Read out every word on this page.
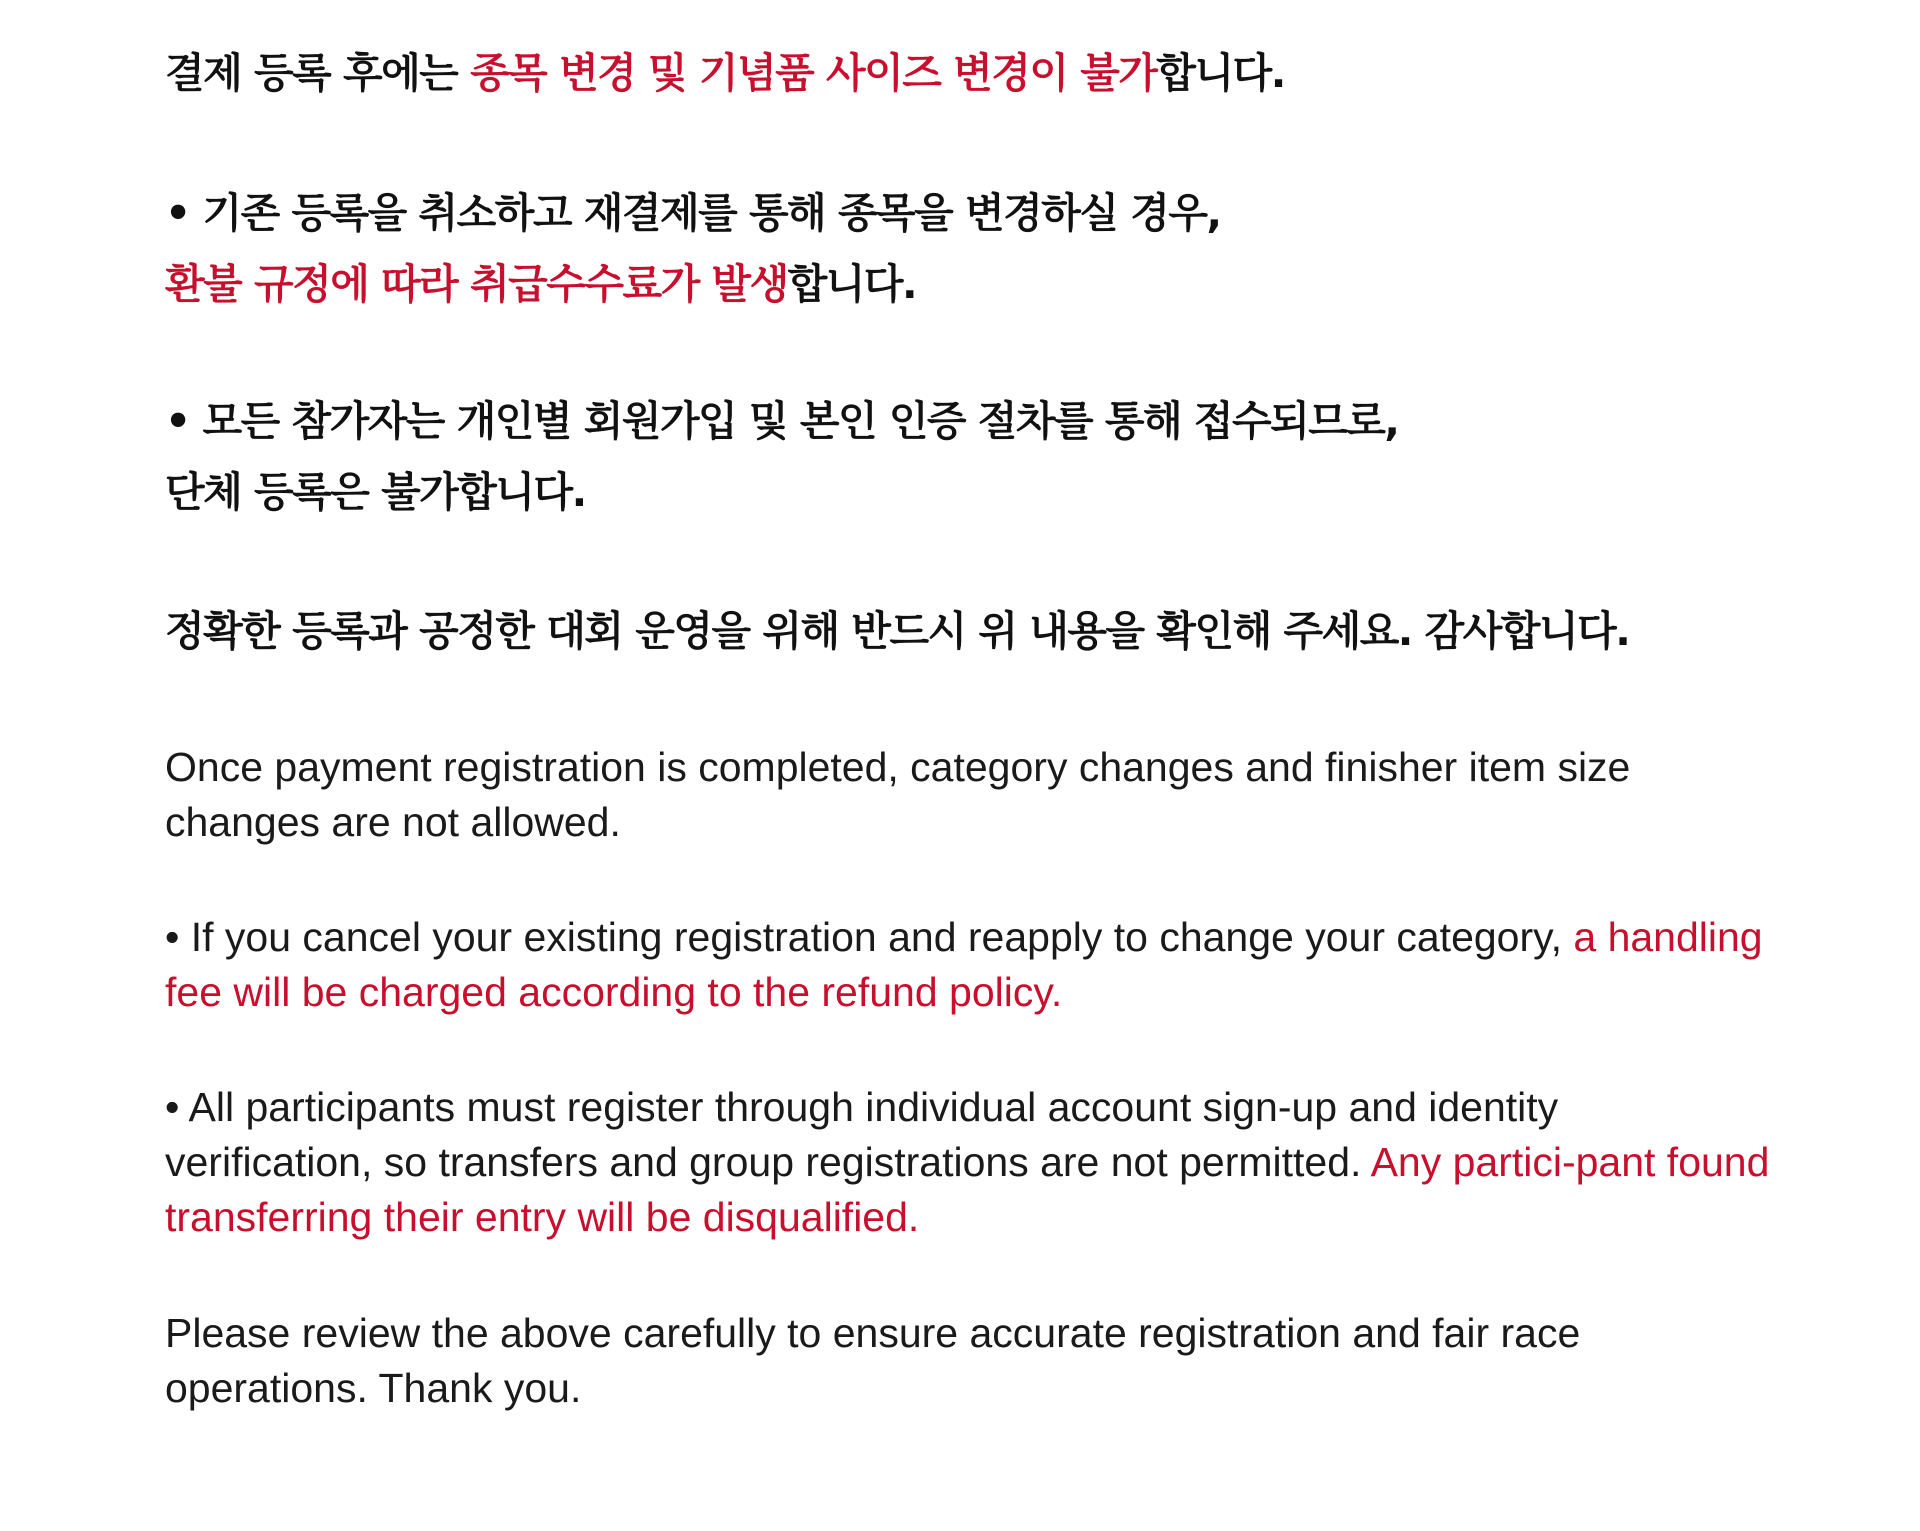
결제 등록 후에는 종목 변경 및 기념품 사이즈 변경이 불가합니다.

• 기존 등록을 취소하고 재결제를 통해 종목을 변경하실 경우,
환불 규정에 따라 취급수수료가 발생합니다.

• 모든 참가자는 개인별 회원가입 및 본인 인증 절차를 통해 접수되므로,
단체 등록은 불가합니다.

정확한 등록과 공정한 대회 운영을 위해 반드시 위 내용을 확인해 주세요. 감사합니다.

Once payment registration is completed, category changes and finisher item size changes are not allowed.

• If you cancel your existing registration and reapply to change your category, a handling fee will be charged according to the refund policy.

• All participants must register through individual account sign-up and identity verification, so transfers and group registrations are not permitted. Any partici-pant found transferring their entry will be disqualified.

Please review the above carefully to ensure accurate registration and fair race operations. Thank you.
